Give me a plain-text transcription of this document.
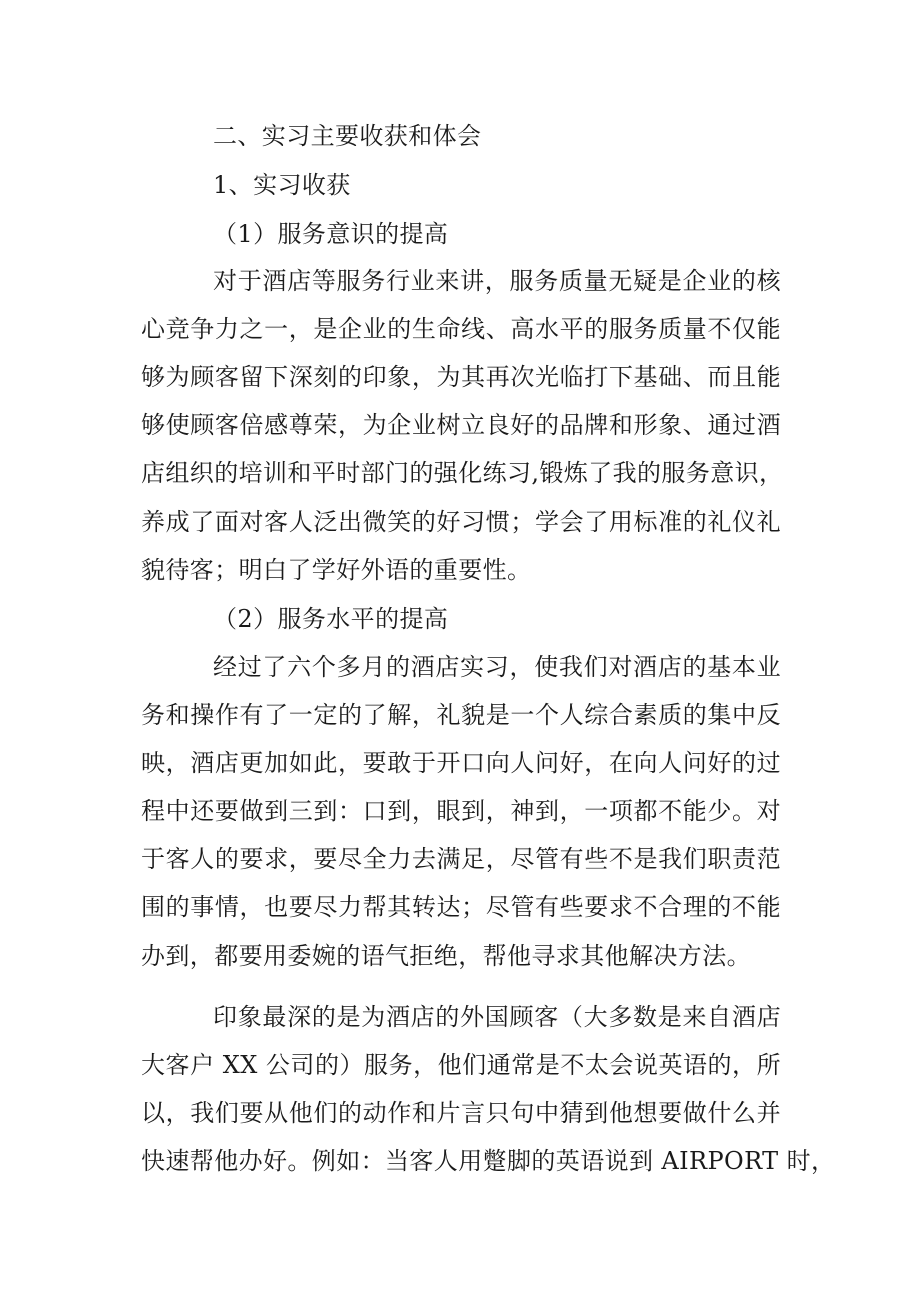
二、实习主要收获和体会
1、实习收获
（1）服务意识的提高
对于酒店等服务行业来讲，服务质量无疑是企业的核
心竞争力之一，是企业的生命线、高水平的服务质量不仅能
够为顾客留下深刻的印象，为其再次光临打下基础、而且能
够使顾客倍感尊荣，为企业树立良好的品牌和形象、通过酒
店组织的培训和平时部门的强化练习,锻炼了我的服务意识，
养成了面对客人泛出微笑的好习惯；学会了用标准的礼仪礼
貌待客；明白了学好外语的重要性。
（2）服务水平的提高
经过了六个多月的酒店实习，使我们对酒店的基本业
务和操作有了一定的了解，礼貌是一个人综合素质的集中反
映，酒店更加如此，要敢于开口向人问好，在向人问好的过
程中还要做到三到：口到，眼到，神到，一项都不能少。对
于客人的要求，要尽全力去满足，尽管有些不是我们职责范
围的事情，也要尽力帮其转达；尽管有些要求不合理的不能
办到，都要用委婉的语气拒绝，帮他寻求其他解决方法。
印象最深的是为酒店的外国顾客（大多数是来自酒店
大客户 XX 公司的）服务，他们通常是不太会说英语的，所
以，我们要从他们的动作和片言只句中猜到他想要做什么并
快速帮他办好。例如：当客人用蹩脚的英语说到 AIRPORT 时，
